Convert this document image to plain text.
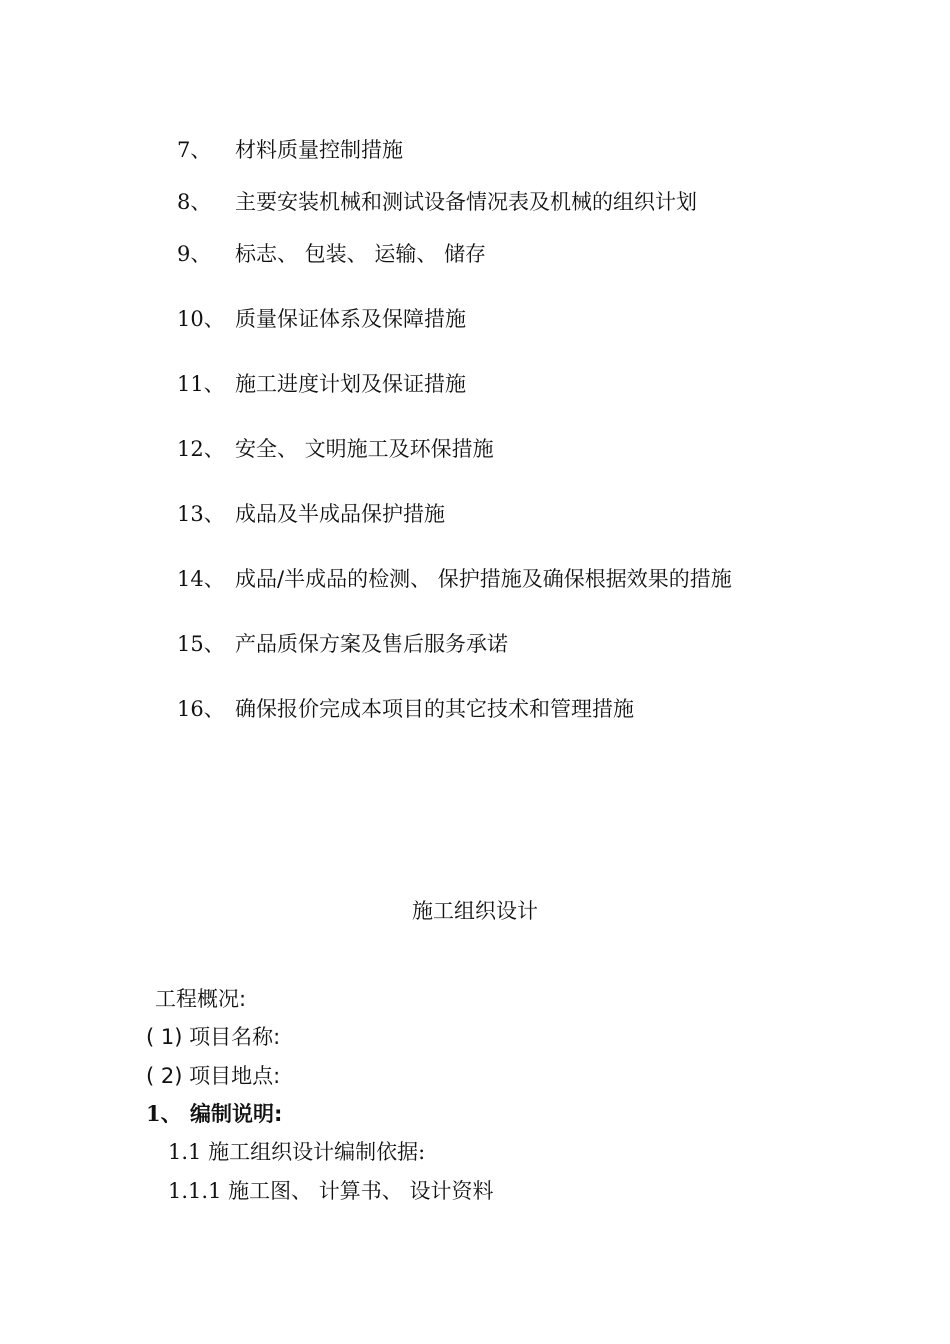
7、 材料质量控制措施
8、 主要安装机械和测试设备情况表及机械的组织计划
9、 标志、 包装、 运输、 储存
10、 质量保证体系及保障措施
11、 施工进度计划及保证措施
12、 安全、 文明施工及环保措施
13、 成品及半成品保护措施
14、 成品/半成品的检测、 保护措施及确保根据效果的措施
15、 产品质保方案及售后服务承诺
16、 确保报价完成本项目的其它技术和管理措施
施工组织设计
工程概况:
( 1) 项目名称:
( 2) 项目地点:
1、 编制说明:
1.1 施工组织设计编制依据:
1.1.1 施工图、 计算书、 设计资料
